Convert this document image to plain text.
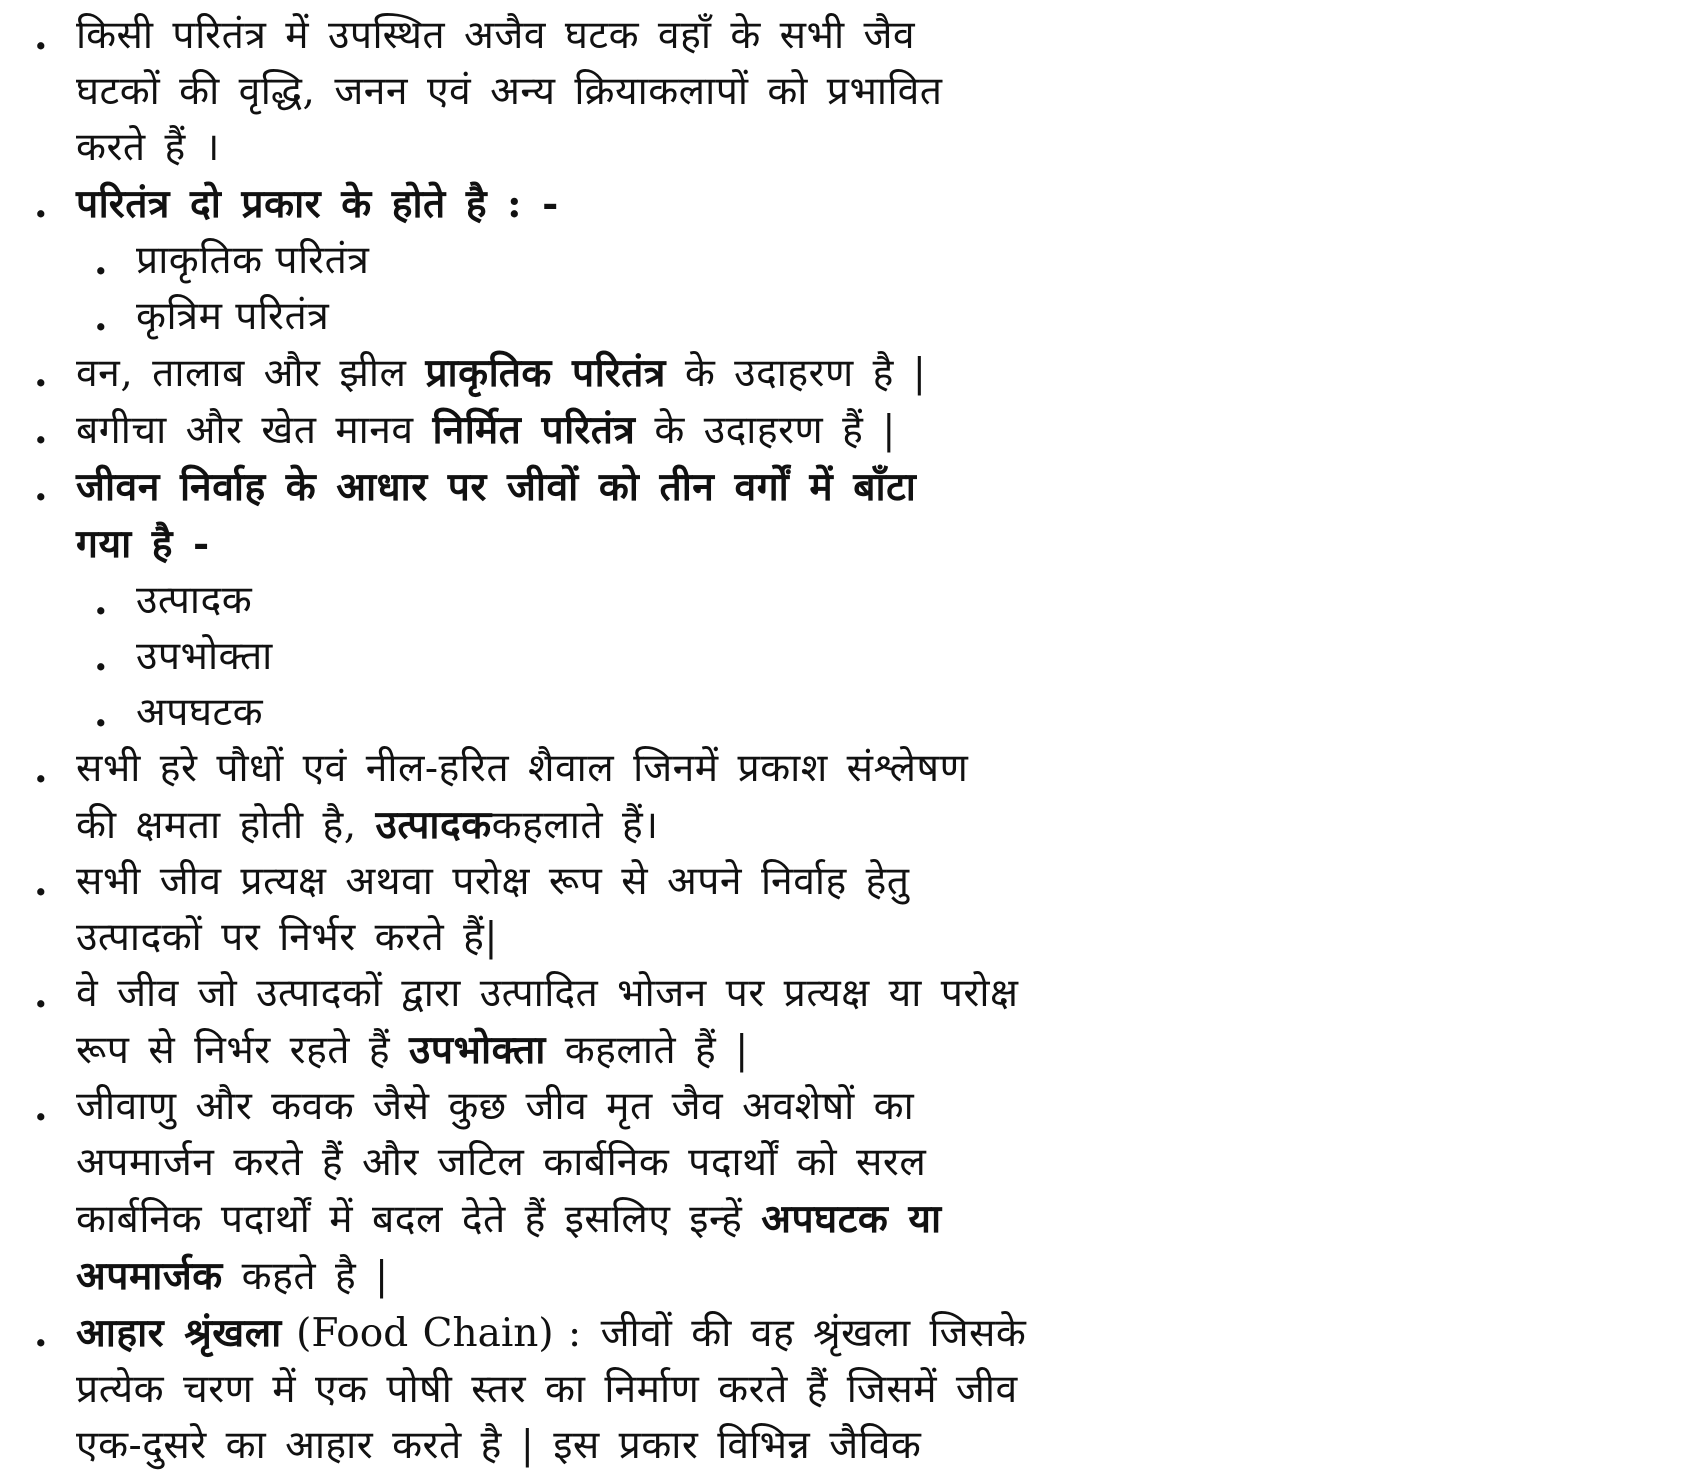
. किसी परितंत्र में उपस्थित अजैव घटक वहाँ के सभी जैव
घटकों की वृद्धि, जनन एवं अन्य क्रियाकलापों को प्रभावित
करते हैं ।
. परितंत्र दो प्रकार के होते है : -
. प्राकृतिक परितंत्र
. कृत्रिम परितंत्र
. वन, तालाब और झील प्राकृतिक परितंत्र के उदाहरण है |
. बगीचा और खेत मानव निर्मित परितंत्र के उदाहरण हैं |
. जीवन निर्वाह के आधार पर जीवों को तीन वर्गों में बाँटा
गया है -
. उत्पादक
. उपभोक्ता
. अपघटक
. सभी हरे पौधों एवं नील-हरित शैवाल जिनमें प्रकाश संश्लेषण
की क्षमता होती है, उत्पादककहलाते हैं।
. सभी जीव प्रत्यक्ष अथवा परोक्ष रूप से अपने निर्वाह हेतु
उत्पादकों पर निर्भर करते हैं|
. वे जीव जो उत्पादकों द्वारा उत्पादित भोजन पर प्रत्यक्ष या परोक्ष
रूप से निर्भर रहते हैं उपभोक्ता कहलाते हैं |
. जीवाणु और कवक जैसे कुछ जीव मृत जैव अवशेषों का
अपमार्जन करते हैं और जटिल कार्बनिक पदार्थों को सरल
कार्बनिक पदार्थों में बदल देते हैं इसलिए इन्हें अपघटक या
अपमार्जक कहते है |
. आहार श्रृंखला (Food Chain) : जीवों की वह श्रृंखला जिसके
प्रत्येक चरण में एक पोषी स्तर का निर्माण करते हैं जिसमें जीव
एक-दुसरे का आहार करते है | इस प्रकार विभिन्न जैविक
